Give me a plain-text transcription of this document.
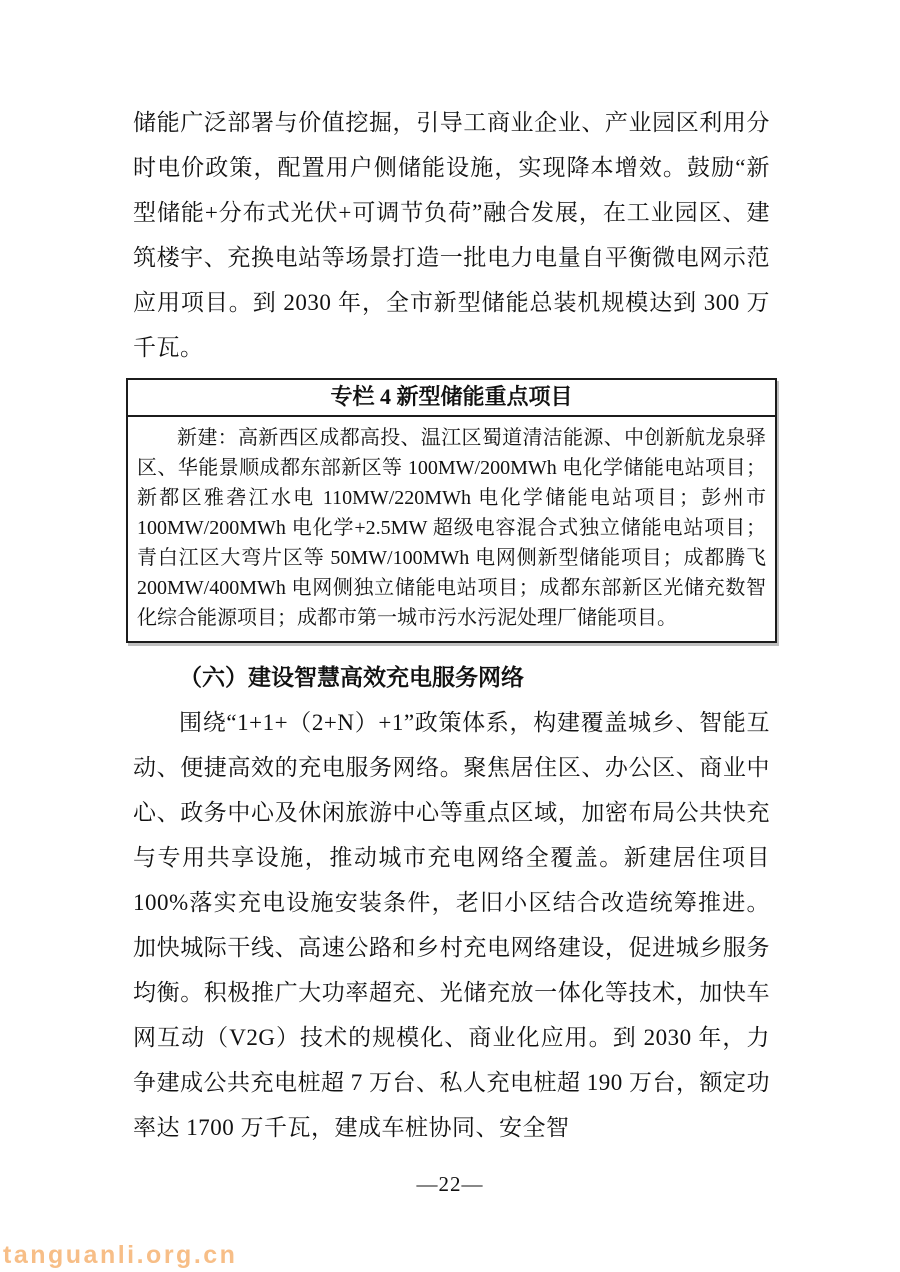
储能广泛部署与价值挖掘，引导工商业企业、产业园区利用分时电价政策，配置用户侧储能设施，实现降本增效。鼓励“新型储能+分布式光伏+可调节负荷”融合发展，在工业园区、建筑楼宇、充换电站等场景打造一批电力电量自平衡微电网示范应用项目。到 2030 年，全市新型储能总装机规模达到 300 万千瓦。

专栏 4 新型储能重点项目

新建：高新西区成都高投、温江区蜀道清洁能源、中创新航龙泉驿区、华能景顺成都东部新区等 100MW/200MWh 电化学储能电站项目；新都区雅砻江水电 110MW/220MWh 电化学储能电站项目；彭州市 100MW/200MWh 电化学+2.5MW 超级电容混合式独立储能电站项目；青白江区大弯片区等 50MW/100MWh 电网侧新型储能项目；成都腾飞 200MW/400MWh 电网侧独立储能电站项目；成都东部新区光储充数智化综合能源项目；成都市第一城市污水污泥处理厂储能项目。

（六）建设智慧高效充电服务网络

围绕“1+1+（2+N）+1”政策体系，构建覆盖城乡、智能互动、便捷高效的充电服务网络。聚焦居住区、办公区、商业中心、政务中心及休闲旅游中心等重点区域，加密布局公共快充与专用共享设施，推动城市充电网络全覆盖。新建居住项目 100%落实充电设施安装条件，老旧小区结合改造统筹推进。加快城际干线、高速公路和乡村充电网络建设，促进城乡服务均衡。积极推广大功率超充、光储充放一体化等技术，加快车网互动（V2G）技术的规模化、商业化应用。到 2030 年，力争建成公共充电桩超 7 万台、私人充电桩超 190 万台，额定功率达 1700 万千瓦，建成车桩协同、安全智

—22—
tanguanli.org.cn
